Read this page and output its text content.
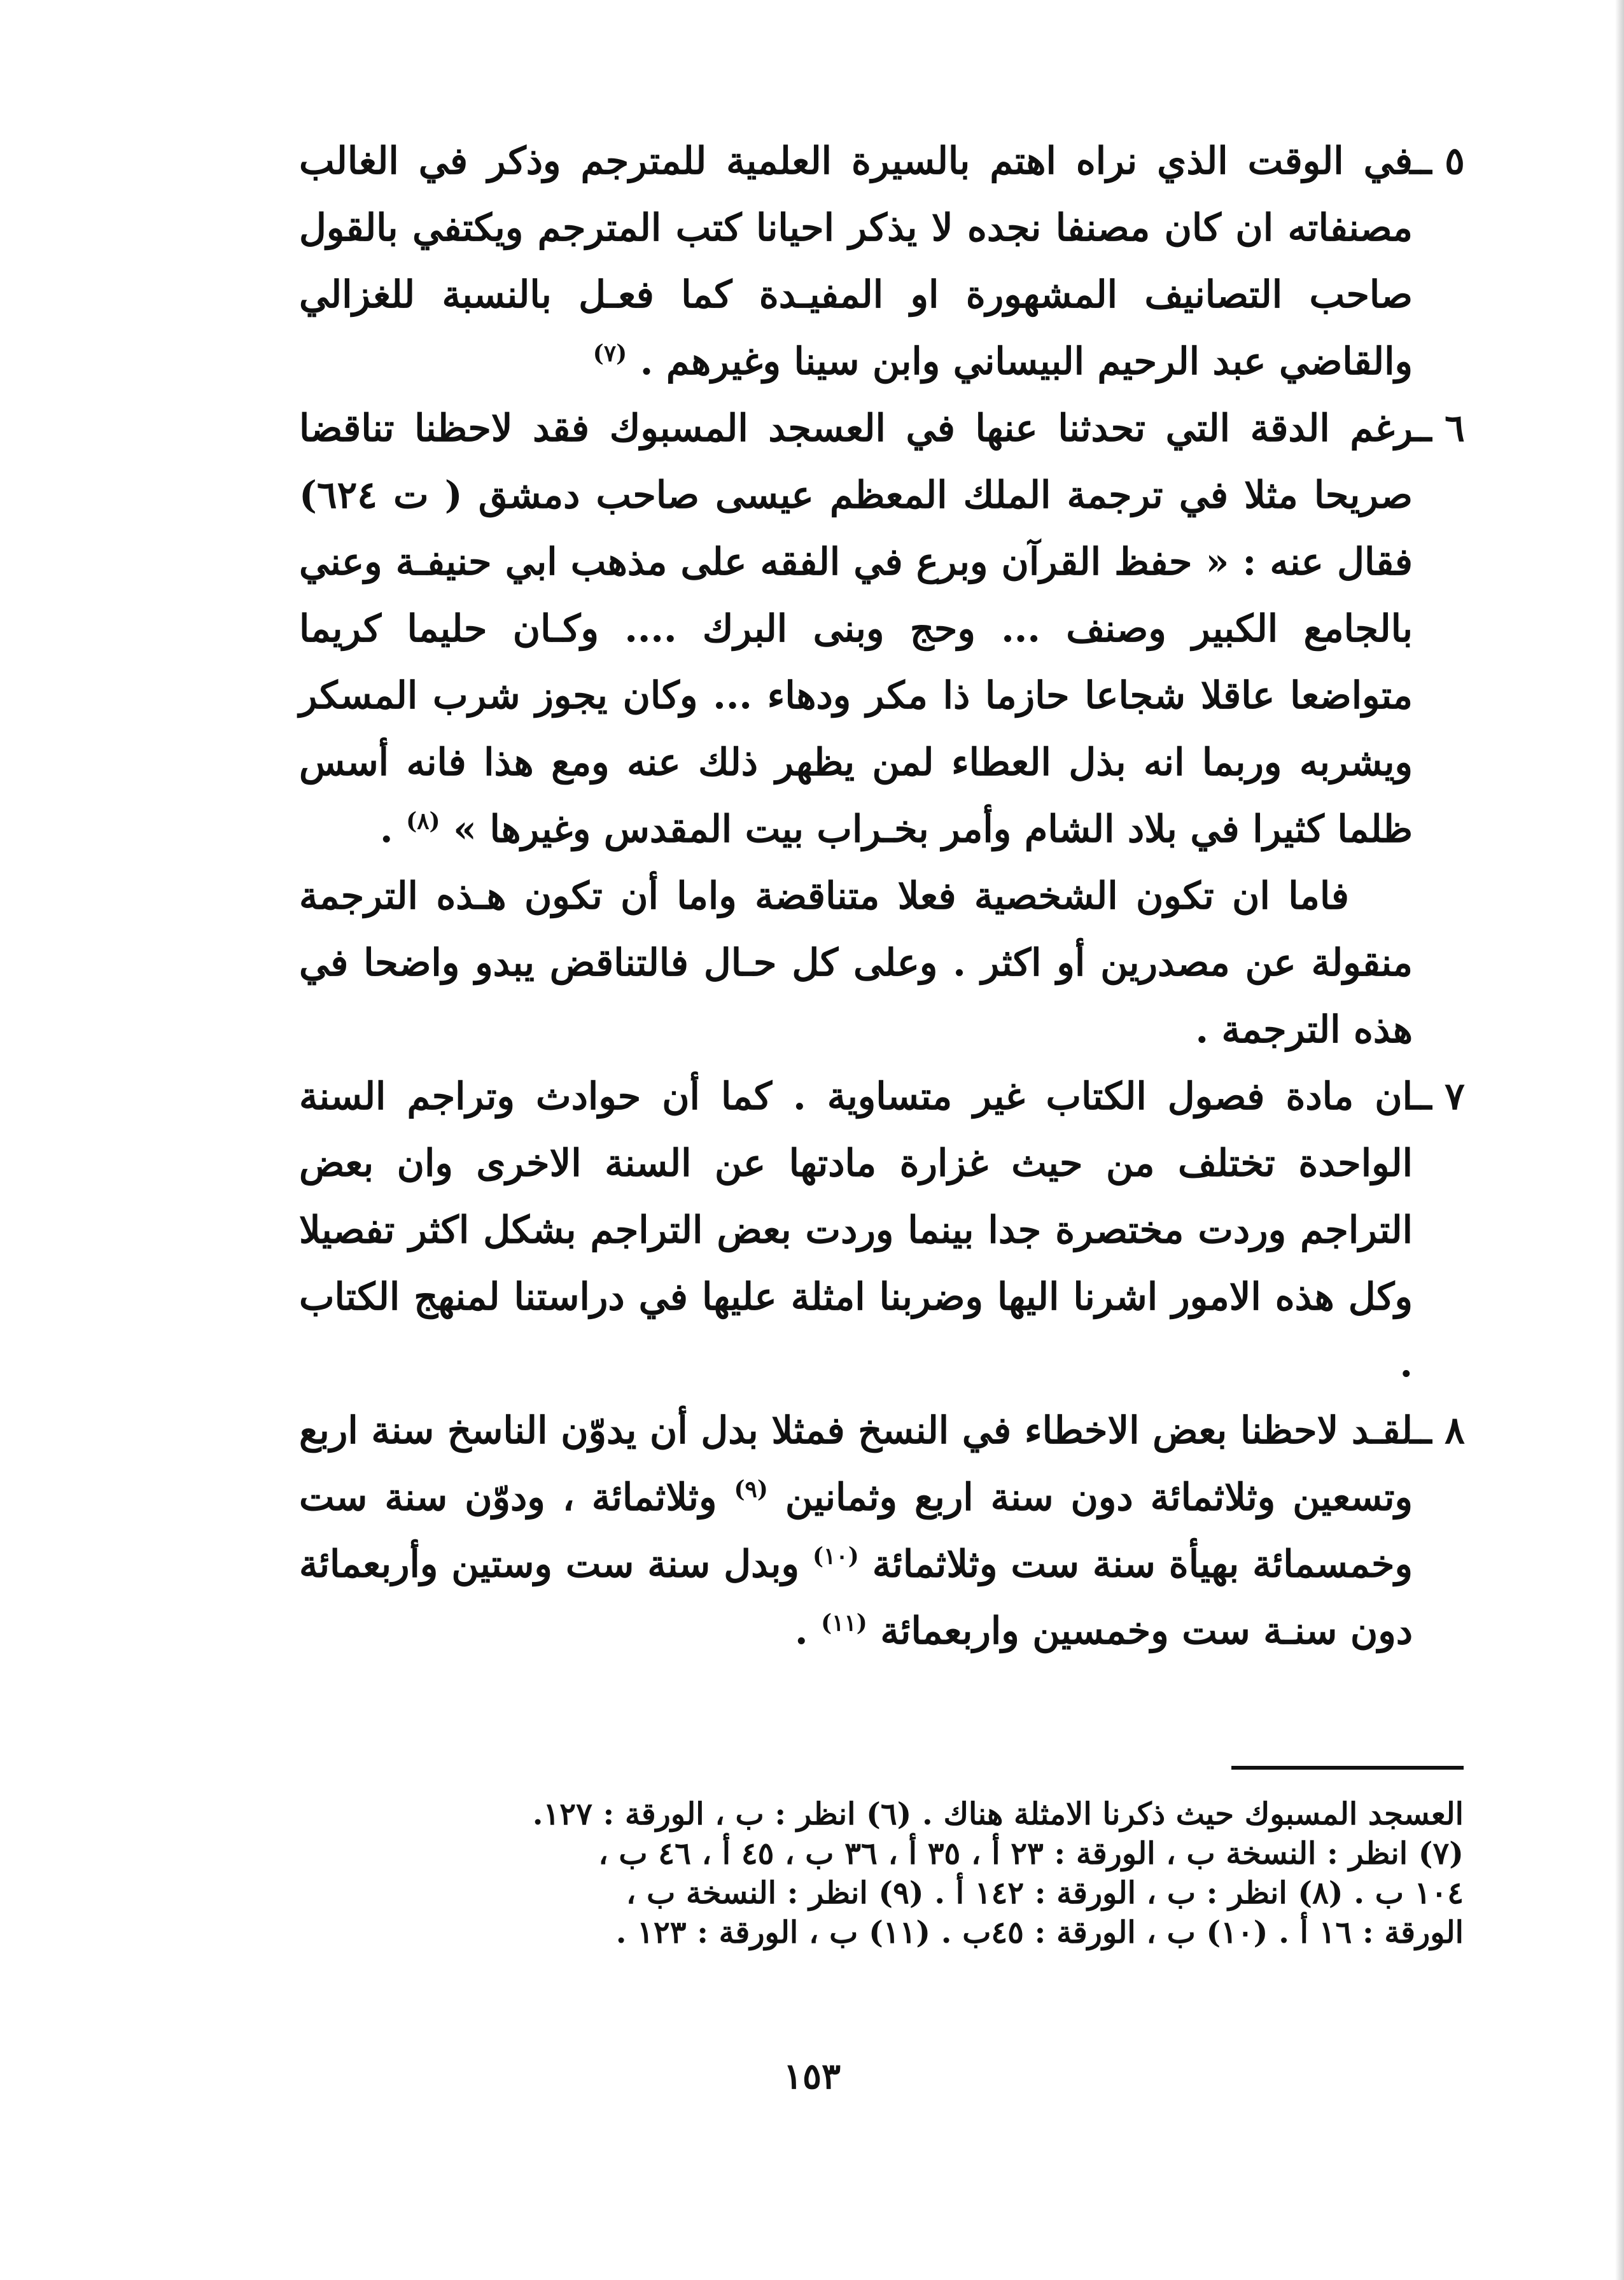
٥ ــ
في الوقت الذي نراه اهتم بالسيرة العلمية للمترجم وذكر في الغالب مصنفاته ان كان مصنفا نجده لا يذكر احيانا كتب المترجم ويكتفي بالقول صاحب التصانيف المشهورة او المفيـدة كما فعـل بالنسبة للغزالي والقاضي عبد الرحيم البيساني وابن سينا وغيرهم . $^{(٧)}$

٦ ــ
رغم الدقة التي تحدثنا عنها في العسجد المسبوك فقد لاحظنا تناقضا صريحا مثلا في ترجمة الملك المعظم عيسى صاحب دمشق ( ت ٦٢٤) فقال عنه : « حفظ القرآن وبرع في الفقه على مذهب ابي حنيفـة وعني بالجامع الكبير وصنف ... وحج وبنى البرك .... وكـان حليما كريما متواضعا عاقلا شجاعا حازما ذا مكر ودهاء ... وكان يجوز شرب المسكر ويشربه وربما انه بذل العطاء لمن يظهر ذلك عنه ومع هذا فانه أسس ظلما كثيرا في بلاد الشام وأمر بخـراب بيت المقدس وغيرها » $^{(٨)}$ .

فاما ان تكون الشخصية فعلا متناقضة واما أن تكون هـذه الترجمة منقولة عن مصدرين أو اكثر . وعلى كل حـال فالتناقض يبدو واضحا في هذه الترجمة .

٧ ــ
ان مادة فصول الكتاب غير متساوية . كما أن حوادث وتراجم السنة الواحدة تختلف من حيث غزارة مادتها عن السنة الاخرى وان بعض التراجم وردت مختصرة جدا بينما وردت بعض التراجم بشكل اكثر تفصيلا وكل هذه الامور اشرنا اليها وضربنا امثلة عليها في دراستنا لمنهج الكتاب .

٨ ــ
لقـد لاحظنا بعض الاخطاء في النسخ فمثلا بدل أن يدوّن الناسخ سنة اربع وتسعين وثلاثمائة دون سنة اربع وثمانين $^{(٩)}$ وثلاثمائة ، ودوّن سنة ست وخمسمائة بهيأة سنة ست وثلاثمائة $^{(١٠)}$ وبدل سنة ست وستين وأربعمائة دون سنـة ست وخمسين واربعمائة $^{(١١)}$ .

العسجد المسبوك حيث ذكرنا الامثلة هناك . (٦) انظر : ب ، الورقة : ١٢٧.

(٧) انظر : النسخة ب ، الورقة : ٢٣ أ ، ٣٥ أ ، ٣٦ ب ، ٤٥ أ ، ٤٦ ب ،

١٠٤ ب . (٨) انظر : ب ، الورقة : ١٤٢ أ . (٩) انظر : النسخة ب ،

الورقة : ١٦ أ . (١٠) ب ، الورقة : ٤٥ب . (١١) ب ، الورقة : ١٢٣ .

١٥٣
